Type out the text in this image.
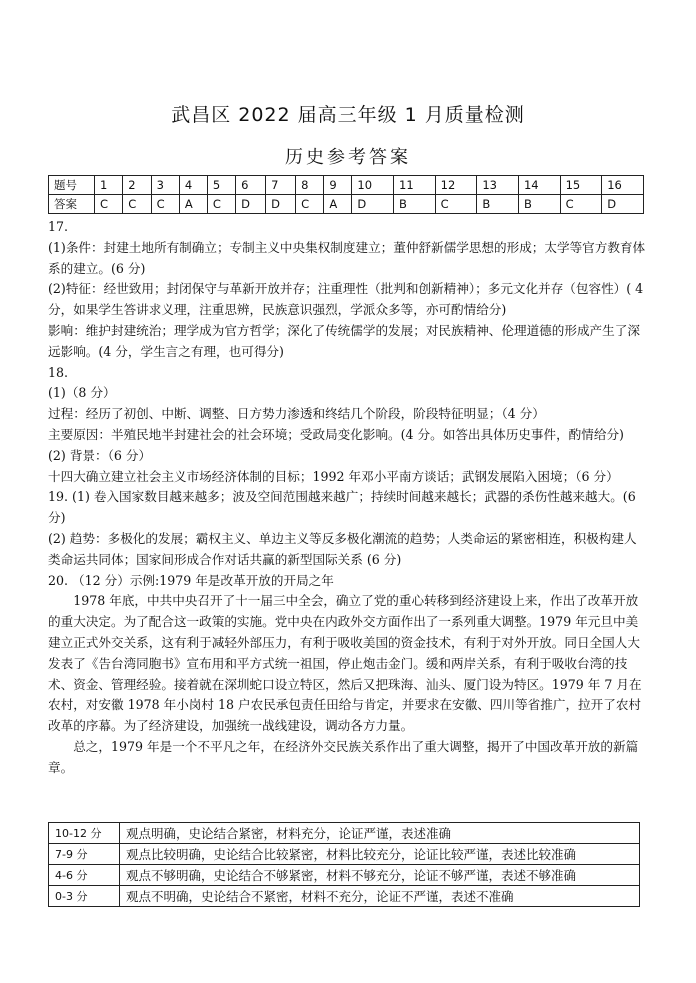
武昌区 2022 届高三年级 1 月质量检测
历史参考答案
题号	1	2	3	4	5	6	7	8	9	10	11	12	13	14	15	16
答案	C	C	C	A	C	D	D	C	A	D	B	C	B	B	C	D

17.

(1)条件：封建土地所有制确立；专制主义中央集权制度建立；董仲舒新儒学思想的形成；太学等官方教育体系的建立。(6 分)

(2)特征：经世致用；封闭保守与革新开放并存；注重理性（批判和创新精神）；多元文化并存（包容性）( 4 分，如果学生答讲求义理，注重思辨，民族意识强烈，学派众多等，亦可酌情给分)

影响：维护封建统治；理学成为官方哲学；深化了传统儒学的发展；对民族精神、伦理道德的形成产生了深远影响。(4 分，学生言之有理，也可得分)

18.

(1)（8 分）

过程：经历了初创、中断、调整、日方势力渗透和终结几个阶段，阶段特征明显；（4 分）

主要原因：半殖民地半封建社会的社会环境；受政局变化影响。(4 分。如答出具体历史事件，酌情给分)

(2) 背景：（6 分）

十四大确立建立社会主义市场经济体制的目标；1992 年邓小平南方谈话；武钢发展陷入困境；（6 分）

19. (1) 卷入国家数目越来越多；波及空间范围越来越广；持续时间越来越长；武器的杀伤性越来越大。(6 分)

(2) 趋势：多极化的发展；霸权主义、单边主义等反多极化潮流的趋势；人类命运的紧密相连，积极构建人类命运共同体；国家间形成合作对话共赢的新型国际关系 (6 分)

20. （12 分）示例:1979 年是改革开放的开局之年

1978 年底，中共中央召开了十一届三中全会，确立了党的重心转移到经济建设上来，作出了改革开放的重大决定。为了配合这一政策的实施。党中央在内政外交方面作出了一系列重大调整。1979 年元旦中美建立正式外交关系，这有利于减轻外部压力，有利于吸收美国的资金技术，有利于对外开放。同日全国人大发表了《告台湾同胞书》宣布用和平方式统一祖国，停止炮击金门。缓和两岸关系，有利于吸收台湾的技术、资金、管理经验。接着就在深圳蛇口设立特区，然后又把珠海、汕头、厦门设为特区。1979 年 7 月在农村，对安徽 1978 年小岗村 18 户农民承包责任田给与肯定，并要求在安徽、四川等省推广，拉开了农村改革的序幕。为了经济建设，加强统一战线建设，调动各方力量。

总之，1979 年是一个不平凡之年，在经济外交民族关系作出了重大调整，揭开了中国改革开放的新篇章。

10-12 分	观点明确，史论结合紧密，材料充分，论证严谨，表述准确
7-9 分	观点比较明确，史论结合比较紧密，材料比较充分，论证比较严谨，表述比较准确
4-6 分	观点不够明确，史论结合不够紧密，材料不够充分，论证不够严谨，表述不够准确
0-3 分	观点不明确，史论结合不紧密，材料不充分，论证不严谨，表述不准确
